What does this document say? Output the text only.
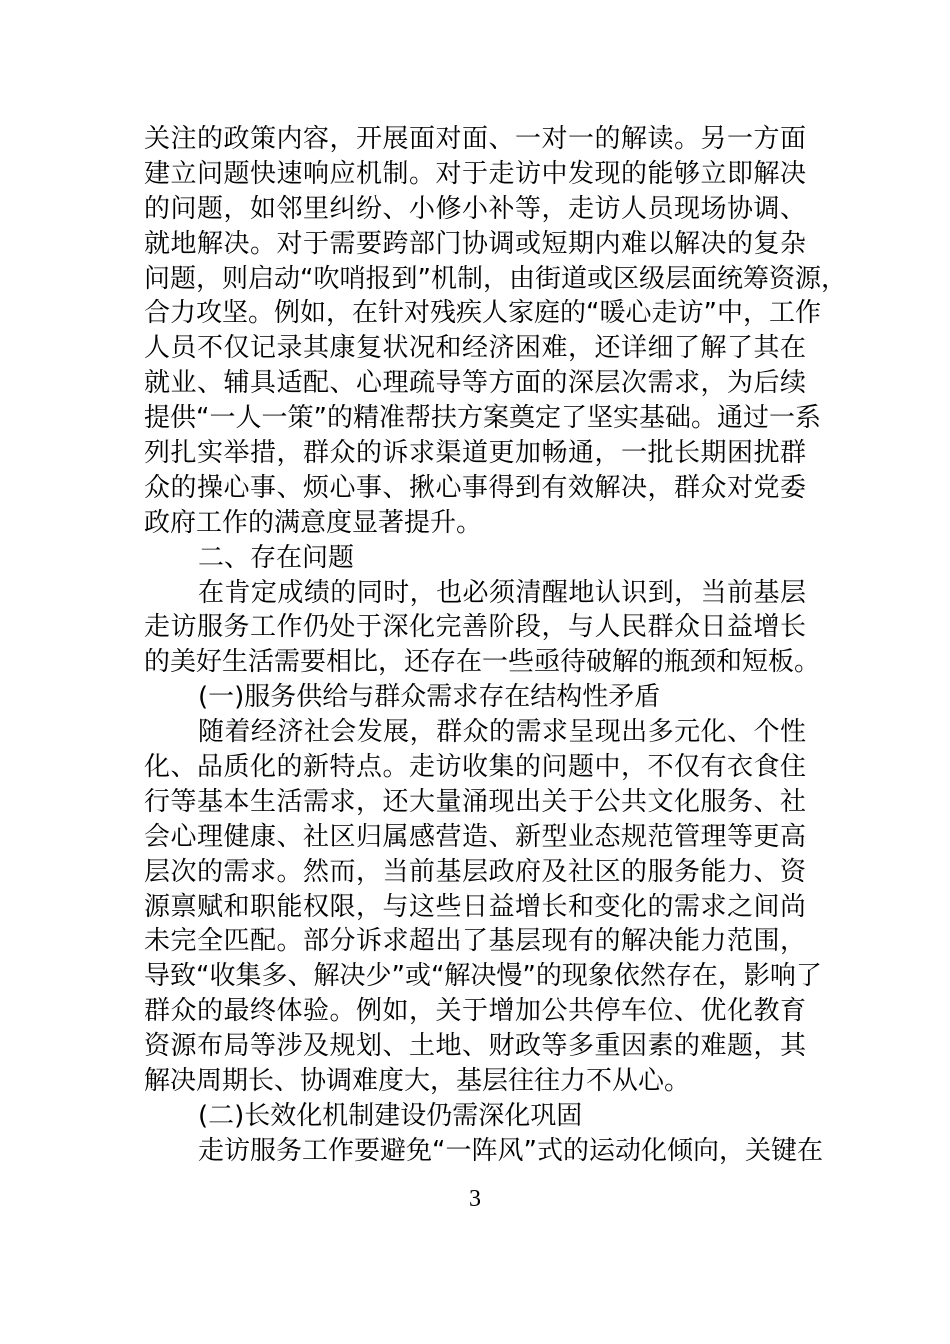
关注的政策内容，开展面对面、一对一的解读。另一方面
建立问题快速响应机制。对于走访中发现的能够立即解决
的问题，如邻里纠纷、小修小补等，走访人员现场协调、
就地解决。对于需要跨部门协调或短期内难以解决的复杂
问题，则启动“吹哨报到”机制，由街道或区级层面统筹资源，
合力攻坚。例如，在针对残疾人家庭的“暖心走访”中，工作
人员不仅记录其康复状况和经济困难，还详细了解了其在
就业、辅具适配、心理疏导等方面的深层次需求，为后续
提供“一人一策”的精准帮扶方案奠定了坚实基础。通过一系
列扎实举措，群众的诉求渠道更加畅通，一批长期困扰群
众的操心事、烦心事、揪心事得到有效解决，群众对党委
政府工作的满意度显著提升。
二、存在问题
在肯定成绩的同时，也必须清醒地认识到，当前基层
走访服务工作仍处于深化完善阶段，与人民群众日益增长
的美好生活需要相比，还存在一些亟待破解的瓶颈和短板。
(一)服务供给与群众需求存在结构性矛盾
随着经济社会发展，群众的需求呈现出多元化、个性
化、品质化的新特点。走访收集的问题中，不仅有衣食住
行等基本生活需求，还大量涌现出关于公共文化服务、社
会心理健康、社区归属感营造、新型业态规范管理等更高
层次的需求。然而，当前基层政府及社区的服务能力、资
源禀赋和职能权限，与这些日益增长和变化的需求之间尚
未完全匹配。部分诉求超出了基层现有的解决能力范围，
导致“收集多、解决少”或“解决慢”的现象依然存在，影响了
群众的最终体验。例如，关于增加公共停车位、优化教育
资源布局等涉及规划、土地、财政等多重因素的难题，其
解决周期长、协调难度大，基层往往力不从心。
(二)长效化机制建设仍需深化巩固
走访服务工作要避免“一阵风”式的运动化倾向，关键在
3
